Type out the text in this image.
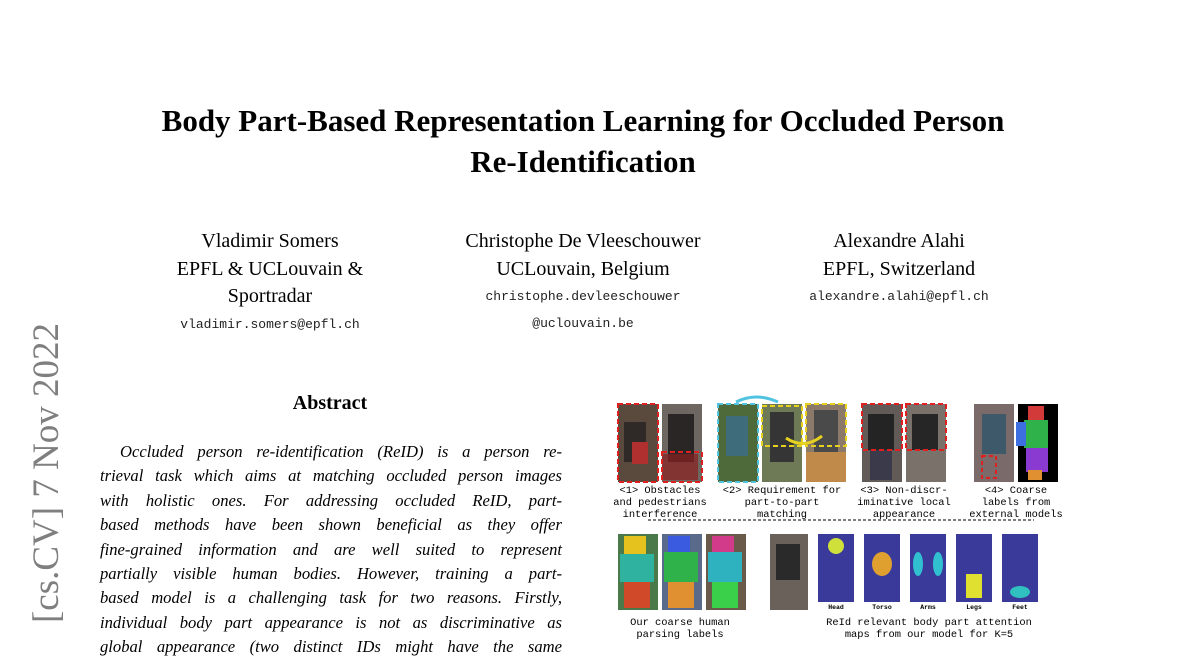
Body Part-Based Representation Learning for Occluded Person
Re-Identification
Vladimir Somers
EPFL & UCLouvain &
Sportradar
vladimir.somers@epfl.ch
Christophe De Vleeschouwer
UCLouvain, Belgium
christophe.devleeschouwer
@uclouvain.be
Alexandre Alahi
EPFL, Switzerland
alexandre.alahi@epfl.ch
[cs.CV] 7 Nov 2022	Abstract
Occluded person re-identification (ReID) is a person re-
trieval task which aims at matching occluded person images
with holistic ones. For addressing occluded ReID, part-
based methods have been shown beneficial as they offer
fine-grained information and are well suited to represent
partially visible human bodies. However, training a part-
based model is a challenging task for two reasons. Firstly,
individual body part appearance is not as discriminative as
global appearance (two distinct IDs might have the same
<1> Obstacles
and pedestrians
interference
<2> Requirement for
part-to-part
matching
<3> Non-discr-
iminative local
appearance
<4> Coarse
labels from
external models
Head	Torso	Arms	Legs	Feet
Our coarse human
parsing labels
ReId relevant body part attention
maps from our model for K=5
